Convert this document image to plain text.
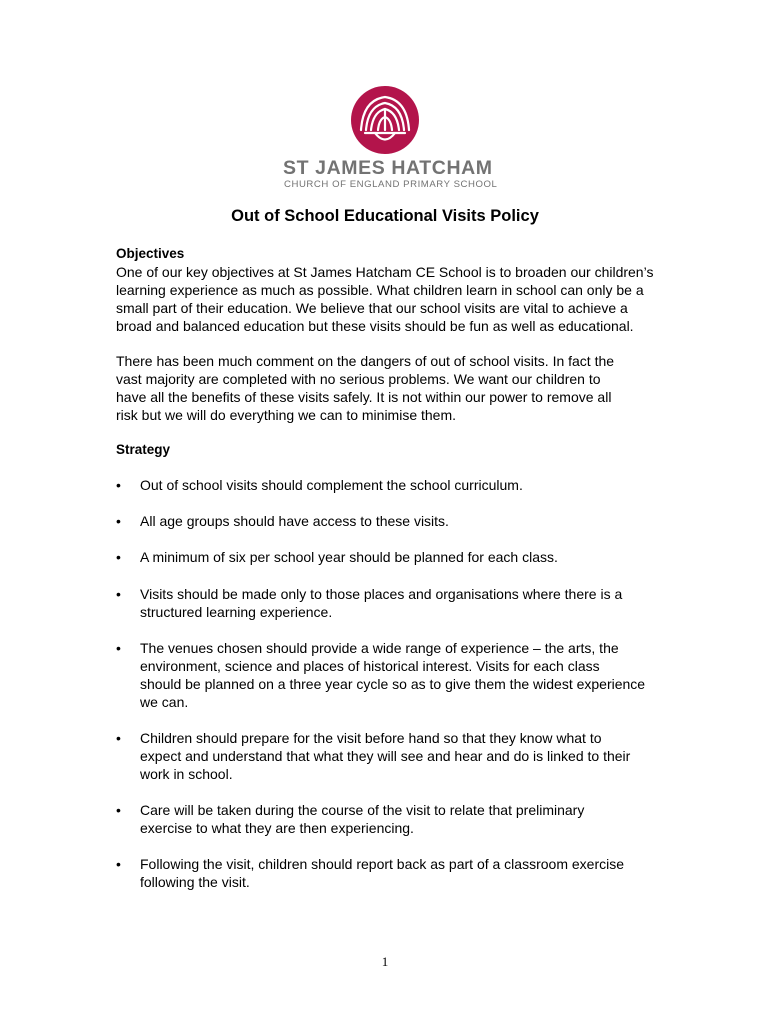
ST JAMES HATCHAM
CHURCH OF ENGLAND PRIMARY SCHOOL
Out of School Educational Visits Policy
Objectives
One of our key objectives at St James Hatcham CE School is to broaden our children’s
learning experience as much as possible. What children learn in school can only be a
small part of their education. We believe that our school visits are vital to achieve a
broad and balanced education but these visits should be fun as well as educational.
There has been much comment on the dangers of out of school visits. In fact the
vast majority are completed with no serious problems. We want our children to
have all the benefits of these visits safely. It is not within our power to remove all
risk but we will do everything we can to minimise them.
Strategy
•	Out of school visits should complement the school curriculum.
•	All age groups should have access to these visits.
•	A minimum of six per school year should be planned for each class.
•	Visits should be made only to those places and organisations where there is a
structured learning experience.
•	The venues chosen should provide a wide range of experience – the arts, the
environment, science and places of historical interest. Visits for each class
should be planned on a three year cycle so as to give them the widest experience
we can.
•	Children should prepare for the visit before hand so that they know what to
expect and understand that what they will see and hear and do is linked to their
work in school.
•	Care will be taken during the course of the visit to relate that preliminary
exercise to what they are then experiencing.
•	Following the visit, children should report back as part of a classroom exercise
following the visit.
1
